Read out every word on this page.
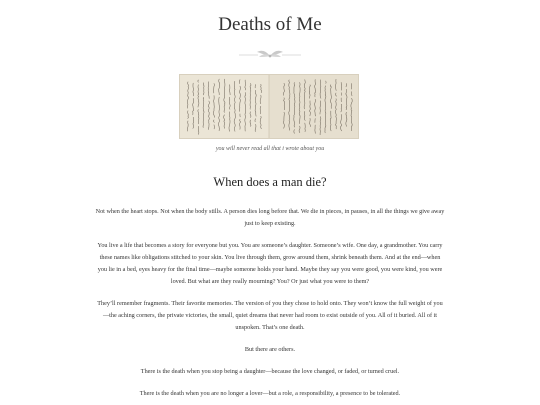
Deaths of Me
you will never read all that i wrote about you
When does a man die?

Not when the heart stops. Not when the body stills. A person dies long before that. We die in pieces, in pauses, in all the things we give away just to keep existing.

You live a life that becomes a story for everyone but you. You are someone’s daughter. Someone’s wife. One day, a grandmother. You carry these names like obligations stitched to your skin. You live through them, grow around them, shrink beneath them. And at the end—when you lie in a bed, eyes heavy for the final time—maybe someone holds your hand. Maybe they say you were good, you were kind, you were loved. But what are they really mourning? You? Or just what you were to them?

They’ll remember fragments. Their favorite memories. The version of you they chose to hold onto. They won’t know the full weight of you—the aching corners, the private victories, the small, quiet dreams that never had room to exist outside of you. All of it buried. All of it unspoken. That’s one death.

But there are others.

There is the death when you stop being a daughter—because the love changed, or faded, or turned cruel.

There is the death when you are no longer a lover—but a role, a responsibility, a presence to be tolerated.
